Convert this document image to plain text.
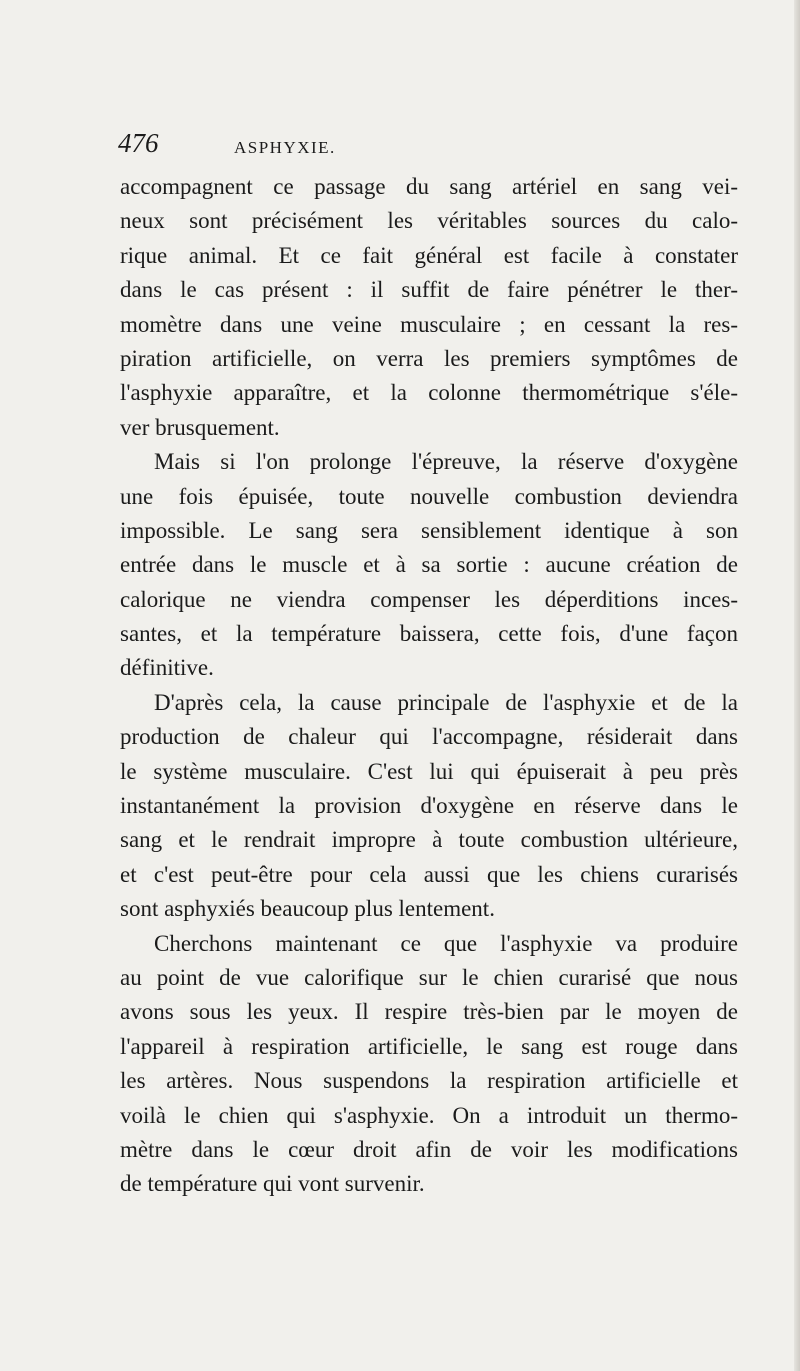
476	ASPHYXIE.
accompagnent ce passage du sang artériel en sang vei-
neux sont précisément les véritables sources du calo-
rique animal. Et ce fait général est facile à constater
dans le cas présent : il suffit de faire pénétrer le ther-
momètre dans une veine musculaire ; en cessant la res-
piration artificielle, on verra les premiers symptômes de
l'asphyxie apparaître, et la colonne thermométrique s'éle-
ver brusquement.
Mais si l'on prolonge l'épreuve, la réserve d'oxygène
une fois épuisée, toute nouvelle combustion deviendra
impossible. Le sang sera sensiblement identique à son
entrée dans le muscle et à sa sortie : aucune création de
calorique ne viendra compenser les déperditions inces-
santes, et la température baissera, cette fois, d'une façon
définitive.
D'après cela, la cause principale de l'asphyxie et de la
production de chaleur qui l'accompagne, résiderait dans
le système musculaire. C'est lui qui épuiserait à peu près
instantanément la provision d'oxygène en réserve dans le
sang et le rendrait impropre à toute combustion ultérieure,
et c'est peut-être pour cela aussi que les chiens curarisés
sont asphyxiés beaucoup plus lentement.
Cherchons maintenant ce que l'asphyxie va produire
au point de vue calorifique sur le chien curarisé que nous
avons sous les yeux. Il respire très-bien par le moyen de
l'appareil à respiration artificielle, le sang est rouge dans
les artères. Nous suspendons la respiration artificielle et
voilà le chien qui s'asphyxie. On a introduit un thermo-
mètre dans le cœur droit afin de voir les modifications
de température qui vont survenir.
